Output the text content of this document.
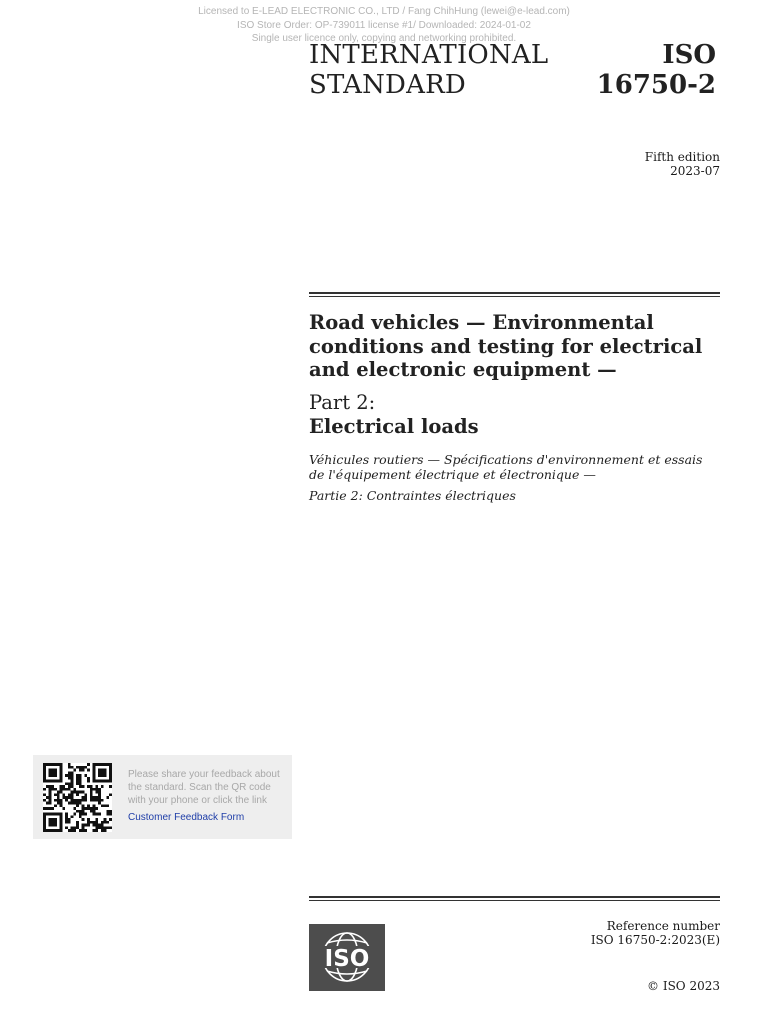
Licensed to E-LEAD ELECTRONIC CO., LTD / Fang ChihHung (lewei@e-lead.com)
ISO Store Order: OP-739011 license #1/ Downloaded: 2024-01-02
Single user licence only, copying and networking prohibited.
INTERNATIONAL
STANDARD
ISO
16750-2
Fifth edition
2023-07
Road vehicles — Environmental conditions and testing for electrical and electronic equipment —
Part 2:
Electrical loads
Véhicules routiers — Spécifications d'environnement et essais de l'équipement électrique et électronique —
Partie 2: Contraintes électriques
Please share your feedback about the standard. Scan the QR code with your phone or click the link
Customer Feedback Form
ISO
Reference number
ISO 16750-2:2023(E)
© ISO 2023
